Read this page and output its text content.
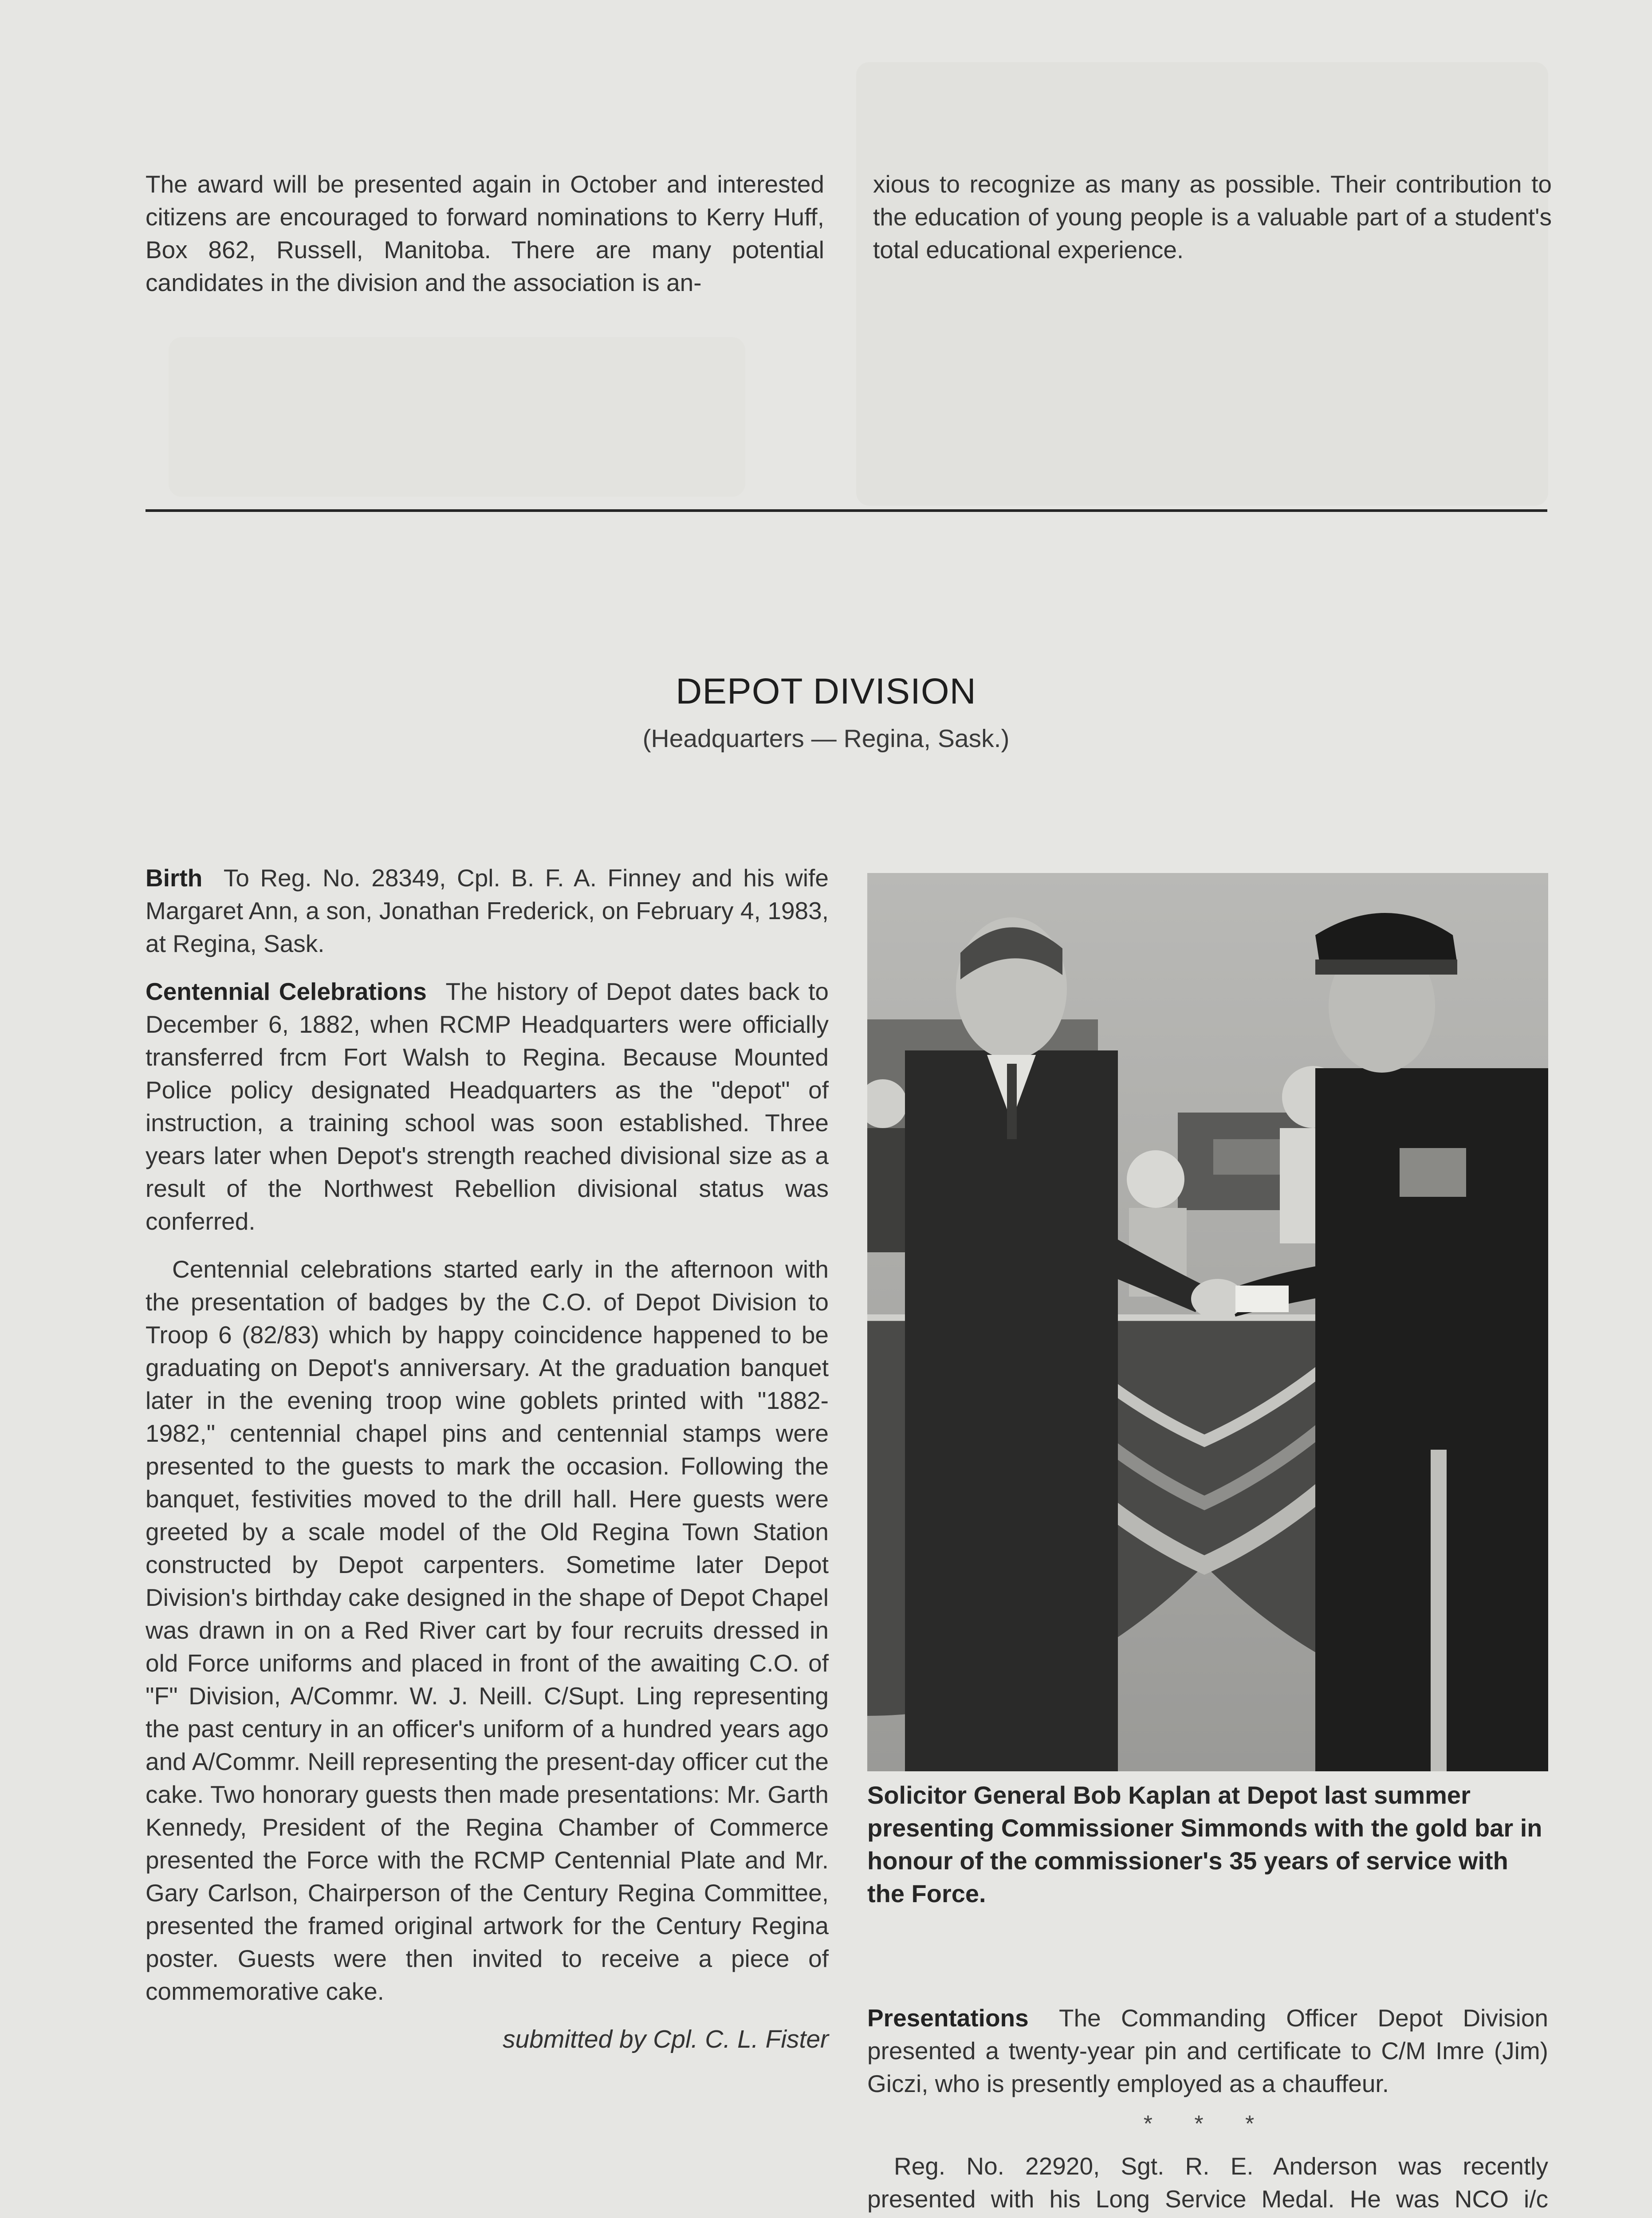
The award will be presented again in October and interested citizens are encouraged to forward nominations to Kerry Huff, Box 862, Russell, Manitoba. There are many potential candidates in the division and the association is an-

xious to recognize as many as possible. Their contribution to the education of young people is a valuable part of a student's total educational experience.

DEPOT DIVISION
(Headquarters — Regina, Sask.)

Birth To Reg. No. 28349, Cpl. B. F. A. Finney and his wife Margaret Ann, a son, Jonathan Frederick, on February 4, 1983, at Regina, Sask.

Centennial Celebrations The history of Depot dates back to December 6, 1882, when RCMP Headquarters were officially transferred frcm Fort Walsh to Regina. Because Mounted Police policy designated Headquarters as the "depot" of instruction, a training school was soon established. Three years later when Depot's strength reached divisional size as a result of the Northwest Rebellion divisional status was conferred.

Centennial celebrations started early in the afternoon with the presentation of badges by the C.O. of Depot Division to Troop 6 (82/83) which by happy coincidence happened to be graduating on Depot's anniversary. At the graduation banquet later in the evening troop wine goblets printed with "1882-1982," centennial chapel pins and centennial stamps were presented to the guests to mark the occasion. Following the banquet, festivities moved to the drill hall. Here guests were greeted by a scale model of the Old Regina Town Station constructed by Depot carpenters. Sometime later Depot Division's birthday cake designed in the shape of Depot Chapel was drawn in on a Red River cart by four recruits dressed in old Force uniforms and placed in front of the awaiting C.O. of "F" Division, A/Commr. W. J. Neill. C/Supt. Ling representing the past century in an officer's uniform of a hundred years ago and A/Commr. Neill representing the present-day officer cut the cake. Two honorary guests then made presentations: Mr. Garth Kennedy, President of the Regina Chamber of Commerce presented the Force with the RCMP Centennial Plate and Mr. Gary Carlson, Chairperson of the Century Regina Committee, presented the framed original artwork for the Century Regina poster. Guests were then invited to receive a piece of commemorative cake.

submitted by Cpl. C. L. Fister

Solicitor General Bob Kaplan at Depot last summer presenting Commissioner Simmonds with the gold bar in honour of the commissioner's 35 years of service with the Force.

Presentations The Commanding Officer Depot Division presented a twenty-year pin and certificate to C/M Imre (Jim) Giczi, who is presently employed as a chauffeur.

* * *

Reg. No. 22920, Sgt. R. E. Anderson was recently presented with his Long Service Medal. He was NCO i/c
